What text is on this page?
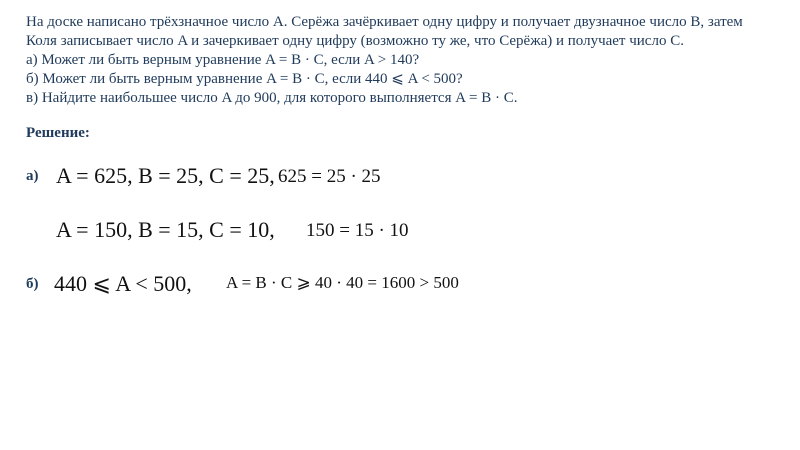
На доске написано трёхзначное число A. Серёжа зачёркивает одну цифру и получает двузначное число B, затем
Коля записывает число A и зачеркивает одну цифру (возможно ту же, что Серёжа) и получает число C.
а) Может ли быть верным уравнение A = B · C, если A > 140?
б) Может ли быть верным уравнение A = B · C, если 440 ⩽ A < 500?
в) Найдите наибольшее число A до 900, для которого выполняется A = B · C.
Решение:
а) A = 625, B = 25, C = 25, 625 = 25 · 25
A = 150, B = 15, C = 10, 150 = 15 · 10
б) 440 ⩽ A < 500, A = B · C ⩾ 40 · 40 = 1600 > 500
